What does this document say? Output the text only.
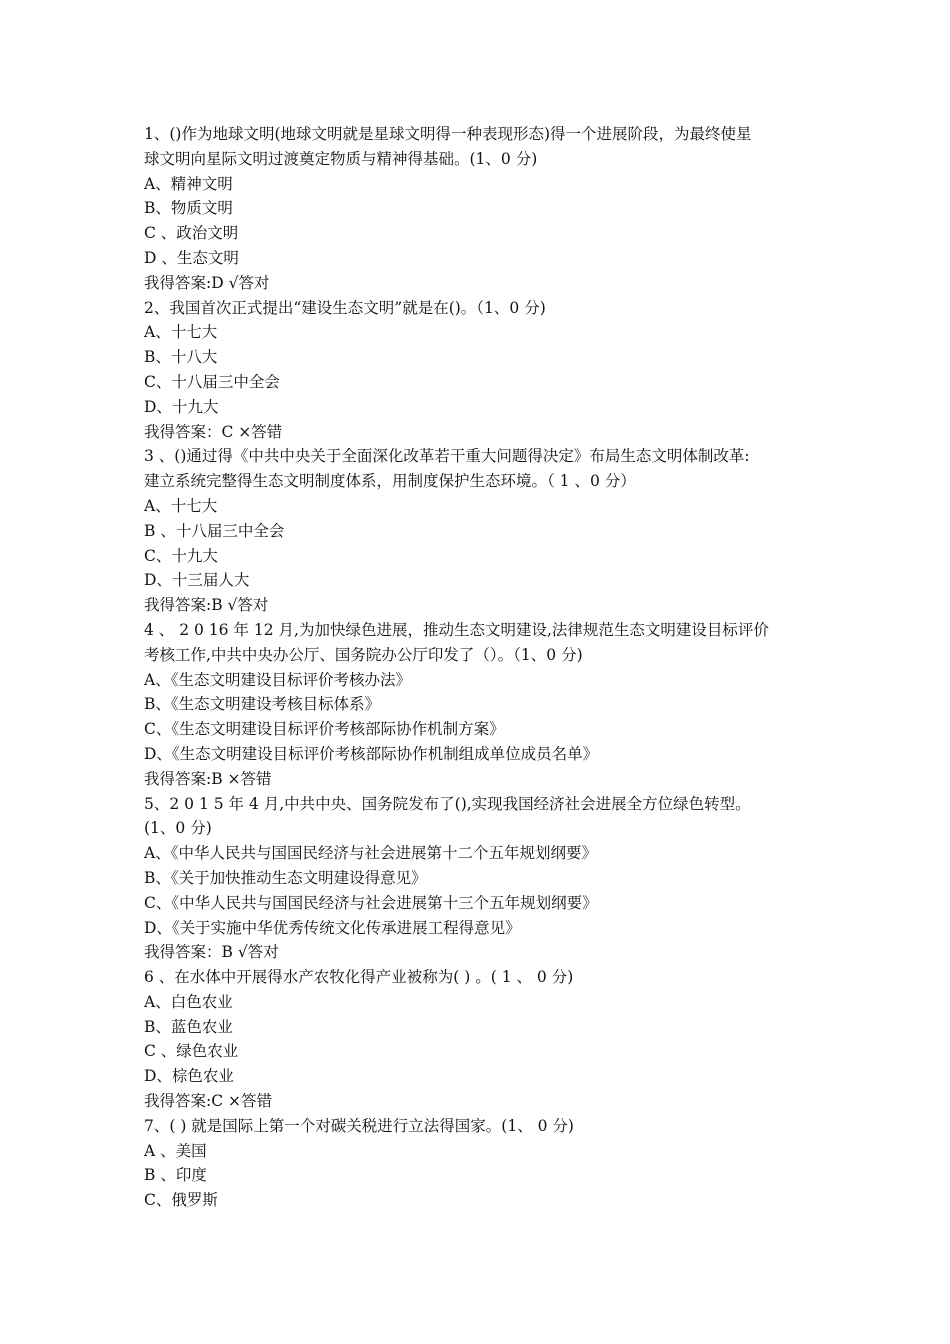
1、()作为地球文明(地球文明就是星球文明得一种表现形态)得一个进展阶段，为最终使星
球文明向星际文明过渡奠定物质与精神得基础。(1、0 分)
A、精神文明
B、物质文明
C 、政治文明
D 、生态文明
我得答案:D √答对
2、我国首次正式提出“建设生态文明”就是在()。（1、0 分)
A、十七大
B、十八大
C、十八届三中全会
D、十九大
我得答案：C ×答错
3 、()通过得《中共中央关于全面深化改革若干重大问题得决定》布局生态文明体制改革:
建立系统完整得生态文明制度体系，用制度保护生态环境。（ 1 、0 分）
A、十七大
B 、十八届三中全会
C、十九大
D、十三届人大
我得答案:B √答对
4 、 2 0 16 年 12 月,为加快绿色进展，推动生态文明建设,法律规范生态文明建设目标评价
考核工作,中共中央办公厅、国务院办公厅印发了（）。（1、0 分)
A、《生态文明建设目标评价考核办法》
B、《生态文明建设考核目标体系》
C、《生态文明建设目标评价考核部际协作机制方案》
D、《生态文明建设目标评价考核部际协作机制组成单位成员名单》
我得答案:B ×答错
5、2 0 1 5 年 4 月,中共中央、国务院发布了(),实现我国经济社会进展全方位绿色转型。
(1、0 分)
A、《中华人民共与国国民经济与社会进展第十二个五年规划纲要》
B、《关于加快推动生态文明建设得意见》
C、《中华人民共与国国民经济与社会进展第十三个五年规划纲要》
D、《关于实施中华优秀传统文化传承进展工程得意见》
我得答案：B √答对
6 、在水体中开展得水产农牧化得产业被称为( ) 。( 1 、 0 分)
A、白色农业
B、蓝色农业
C 、绿色农业
D、棕色农业
我得答案:C ×答错
7、( ) 就是国际上第一个对碳关税进行立法得国家。(1、 0 分)
A 、美国
B 、印度
C、俄罗斯
